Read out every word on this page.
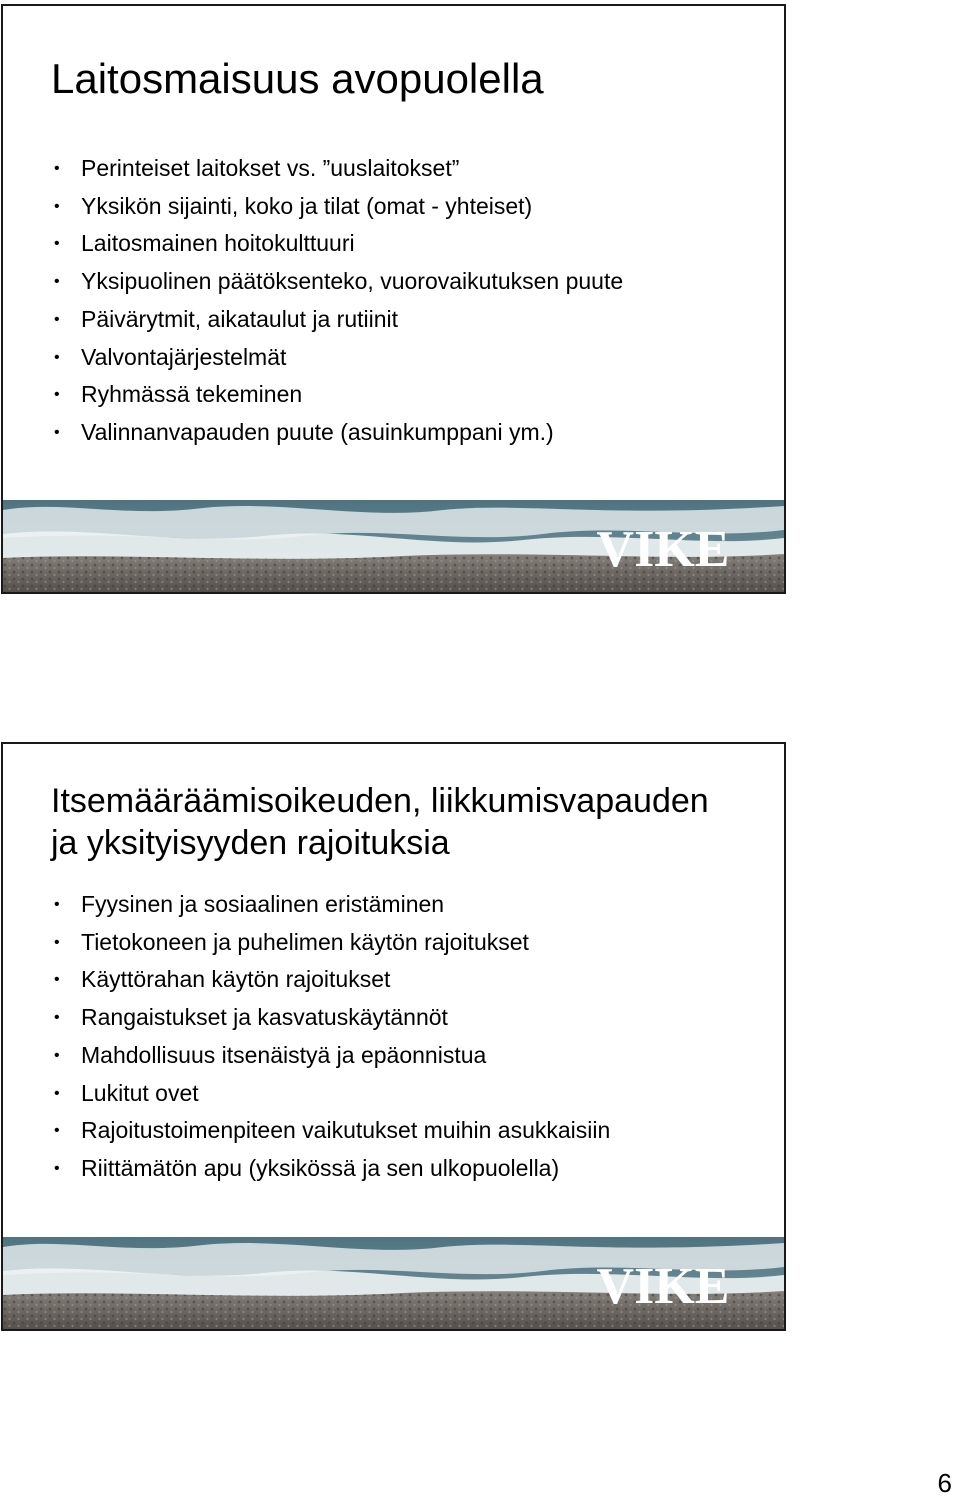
Laitosmaisuus avopuolella
• Perinteiset laitokset vs. ”uuslaitokset”
• Yksikön sijainti, koko ja tilat (omat - yhteiset)
• Laitosmainen hoitokulttuuri
• Yksipuolinen päätöksenteko, vuorovaikutuksen puute
• Päivärytmit, aikataulut ja rutiinit
• Valvontajärjestelmät
• Ryhmässä tekeminen
• Valinnanvapauden puute (asuinkumppani ym.)
VIKE
Itsemääräämisoikeuden, liikkumisvapauden
ja yksityisyyden rajoituksia
• Fyysinen ja sosiaalinen eristäminen
• Tietokoneen ja puhelimen käytön rajoitukset
• Käyttörahan käytön rajoitukset
• Rangaistukset ja kasvatuskäytännöt
• Mahdollisuus itsenäistyä ja epäonnistua
• Lukitut ovet
• Rajoitustoimenpiteen vaikutukset muihin asukkaisiin
• Riittämätön apu (yksikössä ja sen ulkopuolella)
VIKE
6
